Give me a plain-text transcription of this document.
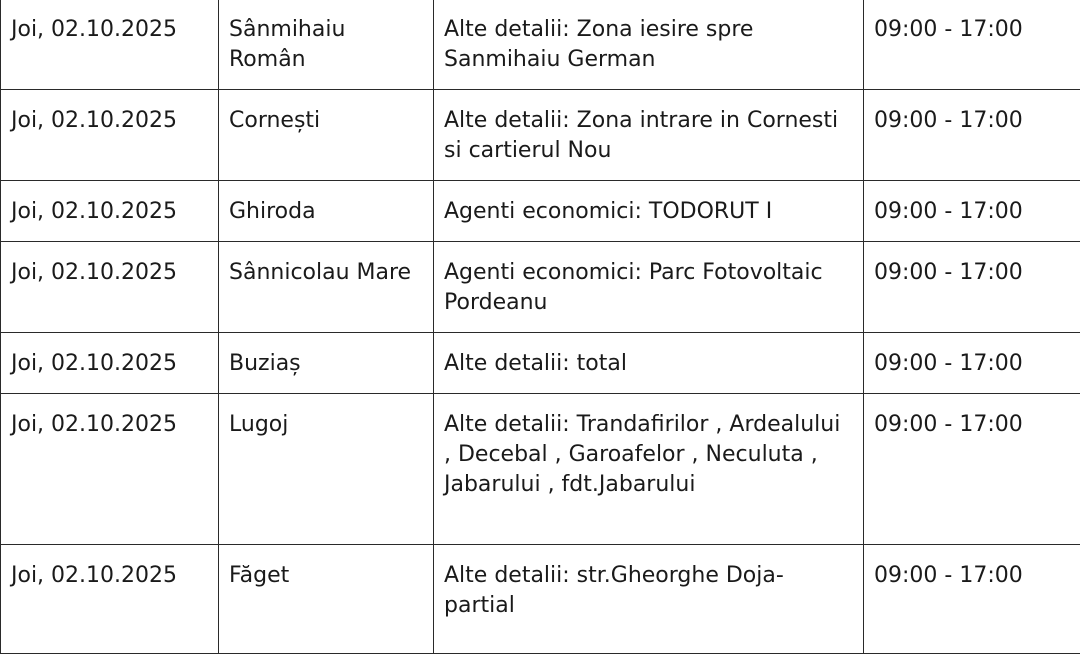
Joi, 02.10.2025	Sânmihaiu Român	Alte detalii: Zona iesire spre Sanmihaiu German	09:00 - 17:00
Joi, 02.10.2025	Cornești	Alte detalii: Zona intrare in Cornesti si cartierul Nou	09:00 - 17:00
Joi, 02.10.2025	Ghiroda	Agenti economici: TODORUT I	09:00 - 17:00
Joi, 02.10.2025	Sânnicolau Mare	Agenti economici: Parc Fotovoltaic Pordeanu	09:00 - 17:00
Joi, 02.10.2025	Buziaș	Alte detalii: total	09:00 - 17:00
Joi, 02.10.2025	Lugoj	Alte detalii: Trandafirilor , Ardealului , Decebal , Garoafelor , Neculuta , Jabarului , fdt.Jabarului	09:00 - 17:00
Joi, 02.10.2025	Făget	Alte detalii: str.Gheorghe Doja-partial	09:00 - 17:00
